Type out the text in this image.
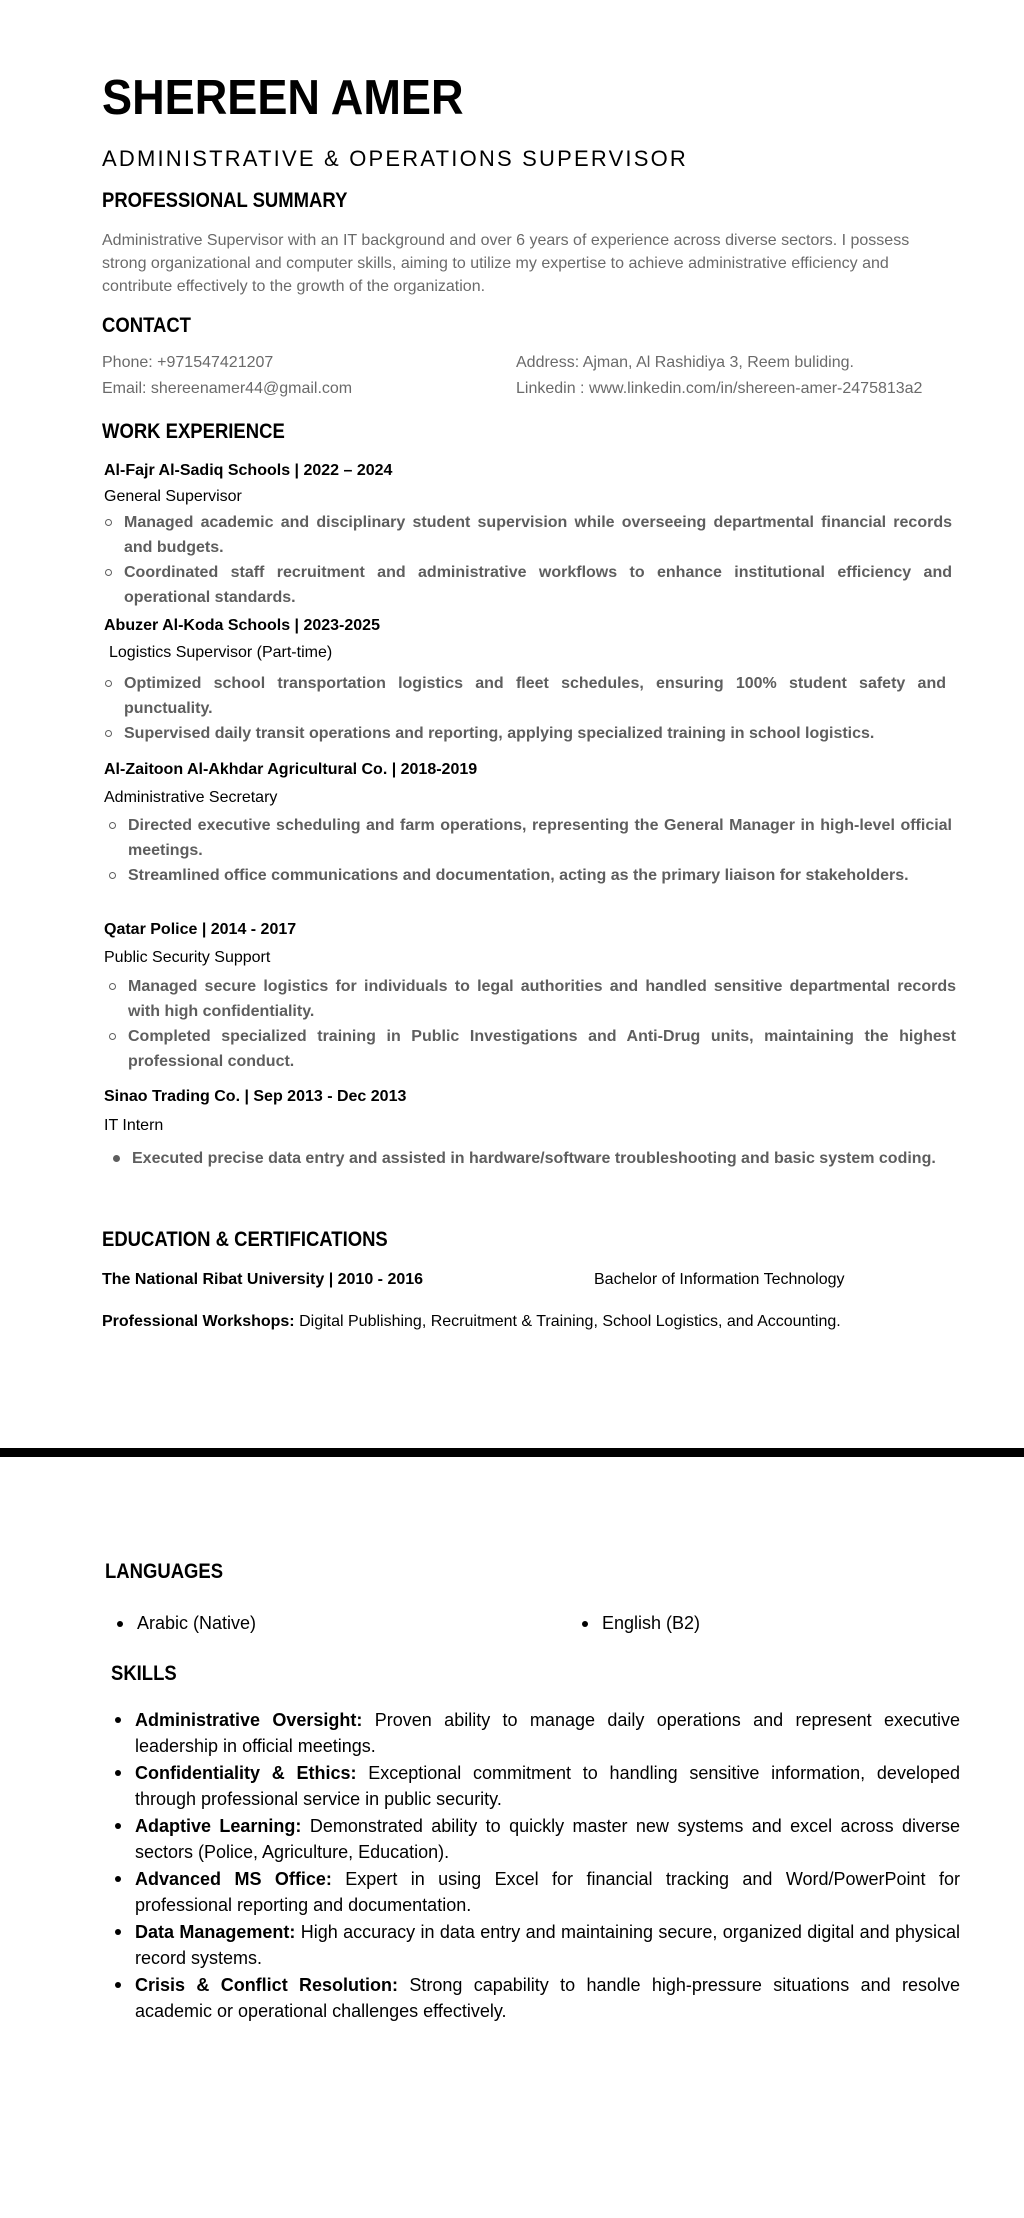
SHEREEN AMER
ADMINISTRATIVE & OPERATIONS SUPERVISOR
PROFESSIONAL SUMMARY
Administrative Supervisor with an IT background and over 6 years of experience across diverse sectors. I possess strong organizational and computer skills, aiming to utilize my expertise to achieve administrative efficiency and contribute effectively to the growth of the organization.
CONTACT
Phone: +971547421207
Email: shereenamer44@gmail.com
Address: Ajman, Al Rashidiya 3, Reem buliding.
Linkedin : www.linkedin.com/in/shereen-amer-2475813a2
WORK EXPERIENCE
Al-Fajr Al-Sadiq Schools | 2022 – 2024
General Supervisor
Managed academic and disciplinary student supervision while overseeing departmental financial records and budgets.
Coordinated staff recruitment and administrative workflows to enhance institutional efficiency and operational standards.
Abuzer Al-Koda Schools | 2023-2025
Logistics Supervisor (Part-time)
Optimized school transportation logistics and fleet schedules, ensuring 100% student safety and punctuality.
Supervised daily transit operations and reporting, applying specialized training in school logistics.
Al-Zaitoon Al-Akhdar Agricultural Co. | 2018-2019
Administrative Secretary
Directed executive scheduling and farm operations, representing the General Manager in high-level official meetings.
Streamlined office communications and documentation, acting as the primary liaison for stakeholders.
Qatar Police | 2014 - 2017
Public Security Support
Managed secure logistics for individuals to legal authorities and handled sensitive departmental records with high confidentiality.
Completed specialized training in Public Investigations and Anti-Drug units, maintaining the highest professional conduct.
Sinao Trading Co. | Sep 2013 - Dec 2013
IT Intern
Executed precise data entry and assisted in hardware/software troubleshooting and basic system coding.
EDUCATION & CERTIFICATIONS
The National Ribat University | 2010 - 2016	Bachelor of Information Technology
Professional Workshops: Digital Publishing, Recruitment & Training, School Logistics, and Accounting.
LANGUAGES
Arabic (Native)	English (B2)
SKILLS
Administrative Oversight: Proven ability to manage daily operations and represent executive leadership in official meetings.
Confidentiality & Ethics: Exceptional commitment to handling sensitive information, developed through professional service in public security.
Adaptive Learning: Demonstrated ability to quickly master new systems and excel across diverse sectors (Police, Agriculture, Education).
Advanced MS Office: Expert in using Excel for financial tracking and Word/PowerPoint for professional reporting and documentation.
Data Management: High accuracy in data entry and maintaining secure, organized digital and physical record systems.
Crisis & Conflict Resolution: Strong capability to handle high-pressure situations and resolve academic or operational challenges effectively.
